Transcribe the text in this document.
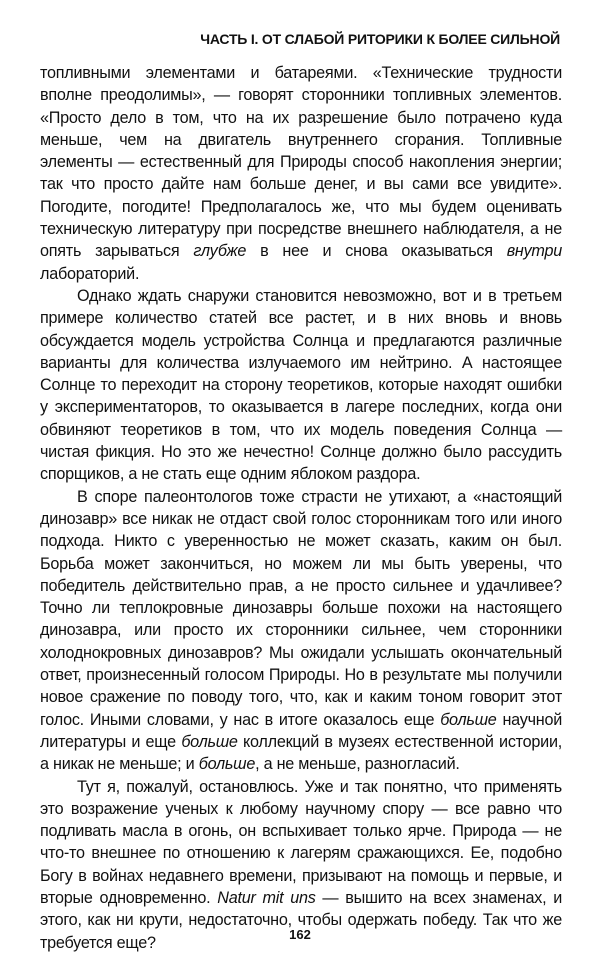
ЧАСТЬ I. ОТ СЛАБОЙ РИТОРИКИ К БОЛЕЕ СИЛЬНОЙ

топливными элементами и батареями. «Технические трудности вполне преодолимы», — говорят сторонники топливных элементов. «Просто дело в том, что на их разрешение было потрачено куда меньше, чем на двигатель внутреннего сгорания. Топливные элементы — естественный для Природы способ накопления энергии; так что просто дайте нам больше денег, и вы сами все увидите». Погодите, погодите! Предполагалось же, что мы будем оценивать техническую литературу при посредстве внешнего наблюдателя, а не опять зарываться глубже в нее и снова оказываться внутри лабораторий.

Однако ждать снаружи становится невозможно, вот и в третьем примере количество статей все растет, и в них вновь и вновь обсуждается модель устройства Солнца и предлагаются различные варианты для количества излучаемого им нейтрино. А настоящее Солнце то переходит на сторону теоретиков, которые находят ошибки у экспериментаторов, то оказывается в лагере последних, когда они обвиняют теоретиков в том, что их модель поведения Солнца — чистая фикция. Но это же нечестно! Солнце должно было рассудить спорщиков, а не стать еще одним яблоком раздора.

В споре палеонтологов тоже страсти не утихают, а «настоящий динозавр» все никак не отдаст свой голос сторонникам того или иного подхода. Никто с уверенностью не может сказать, каким он был. Борьба может закончиться, но можем ли мы быть уверены, что победитель действительно прав, а не просто сильнее и удачливее? Точно ли теплокровные динозавры больше похожи на настоящего динозавра, или просто их сторонники сильнее, чем сторонники холоднокровных динозавров? Мы ожидали услышать окончательный ответ, произнесенный голосом Природы. Но в результате мы получили новое сражение по поводу того, что, как и каким тоном говорит этот голос. Иными словами, у нас в итоге оказалось еще больше научной литературы и еще больше коллекций в музеях естественной истории, а никак не меньше; и больше, а не меньше, разногласий.

Тут я, пожалуй, остановлюсь. Уже и так понятно, что применять это возражение ученых к любому научному спору — все равно что подливать масла в огонь, он вспыхивает только ярче. Природа — не что-то внешнее по отношению к лагерям сражающихся. Ее, подобно Богу в войнах недавнего времени, призывают на помощь и первые, и вторые одновременно. Natur mit uns — вышито на всех знаменах, и этого, как ни крути, недостаточно, чтобы одержать победу. Так что же требуется еще?	162
